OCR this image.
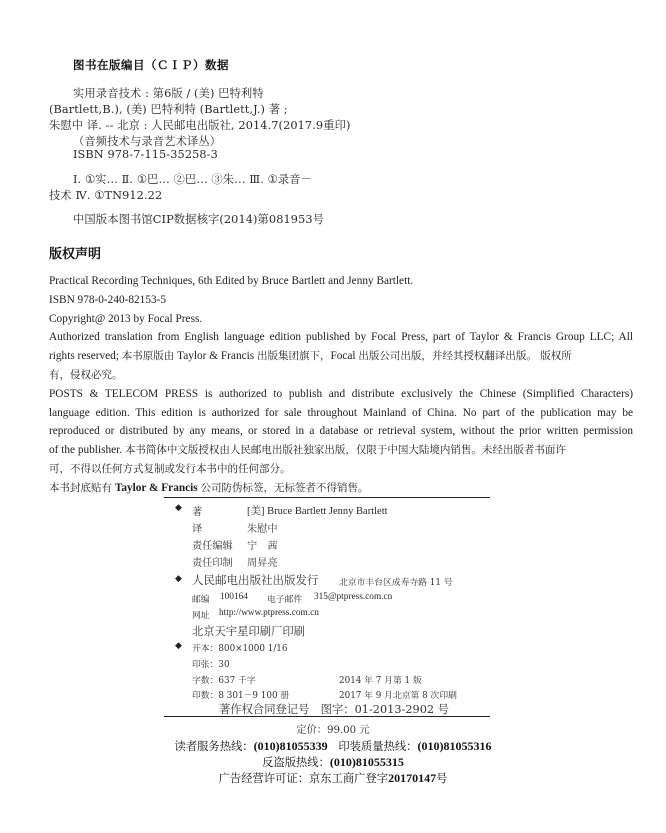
图书在版编目（ＣＩＰ）数据
实用录音技术 : 第6版 / (美) 巴特利特
(Bartlett,B.), (美) 巴特利特 (Bartlett,J.) 著 ;
朱慰中 译. -- 北京 : 人民邮电出版社, 2014.7(2017.9重印)
（音频技术与录音艺术译丛）
ISBN 978-7-115-35258-3
Ⅰ. ①实… Ⅱ. ①巴… ②巴… ③朱… Ⅲ. ①录音－
技术 Ⅳ. ①TN912.22
中国版本图书馆CIP数据核字(2014)第081953号
版权声明
Practical Recording Techniques, 6th Edited by Bruce Bartlett and Jenny Bartlett.
ISBN 978-0-240-82153-5
Copyright@ 2013 by Focal Press.
Authorized translation from English language edition published by Focal Press, part of Taylor & Francis Group LLC; All
rights reserved; 本书原版由 Taylor & Francis 出版集团旗下，Focal 出版公司出版，并经其授权翻译出版。 版权所
有，侵权必究。
POSTS & TELECOM PRESS is authorized to publish and distribute exclusively the Chinese (Simplified Characters)
language edition. This edition is authorized for sale throughout Mainland of China. No part of the publication may be
reproduced or distributed by any means, or stored in a database or retrieval system, without the prior written permission
of the publisher. 本书简体中文版授权由人民邮电出版社独家出版，仅限于中国大陆境内销售。未经出版者书面许
可，不得以任何方式复制或发行本书中的任何部分。
本书封底贴有 Taylor & Francis 公司防伪标签，无标签者不得销售。
◆ 著	[美] Bruce Bartlett Jenny Bartlett
译	朱慰中
责任编辑 宁　茜
责任印制 周昇亮
◆ 人民邮电出版社出版发行 北京市丰台区成寿寺路 11 号
邮编 100164 电子邮件 315@ptpress.com.cn
网址 http://www.ptpress.com.cn
北京天宇星印刷厂印刷
◆ 开本：800×1000 1/16
印张：30
字数：637 千字	2014 年 7 月第 1 版
印数：8 301－9 100 册	2017 年 9 月北京第 8 次印刷
著作权合同登记号　图字：01-2013-2902 号
定价：99.00 元
读者服务热线：(010)81055339 印装质量热线：(010)81055316
反盗版热线：(010)81055315
广告经营许可证：京东工商广登字20170147号
